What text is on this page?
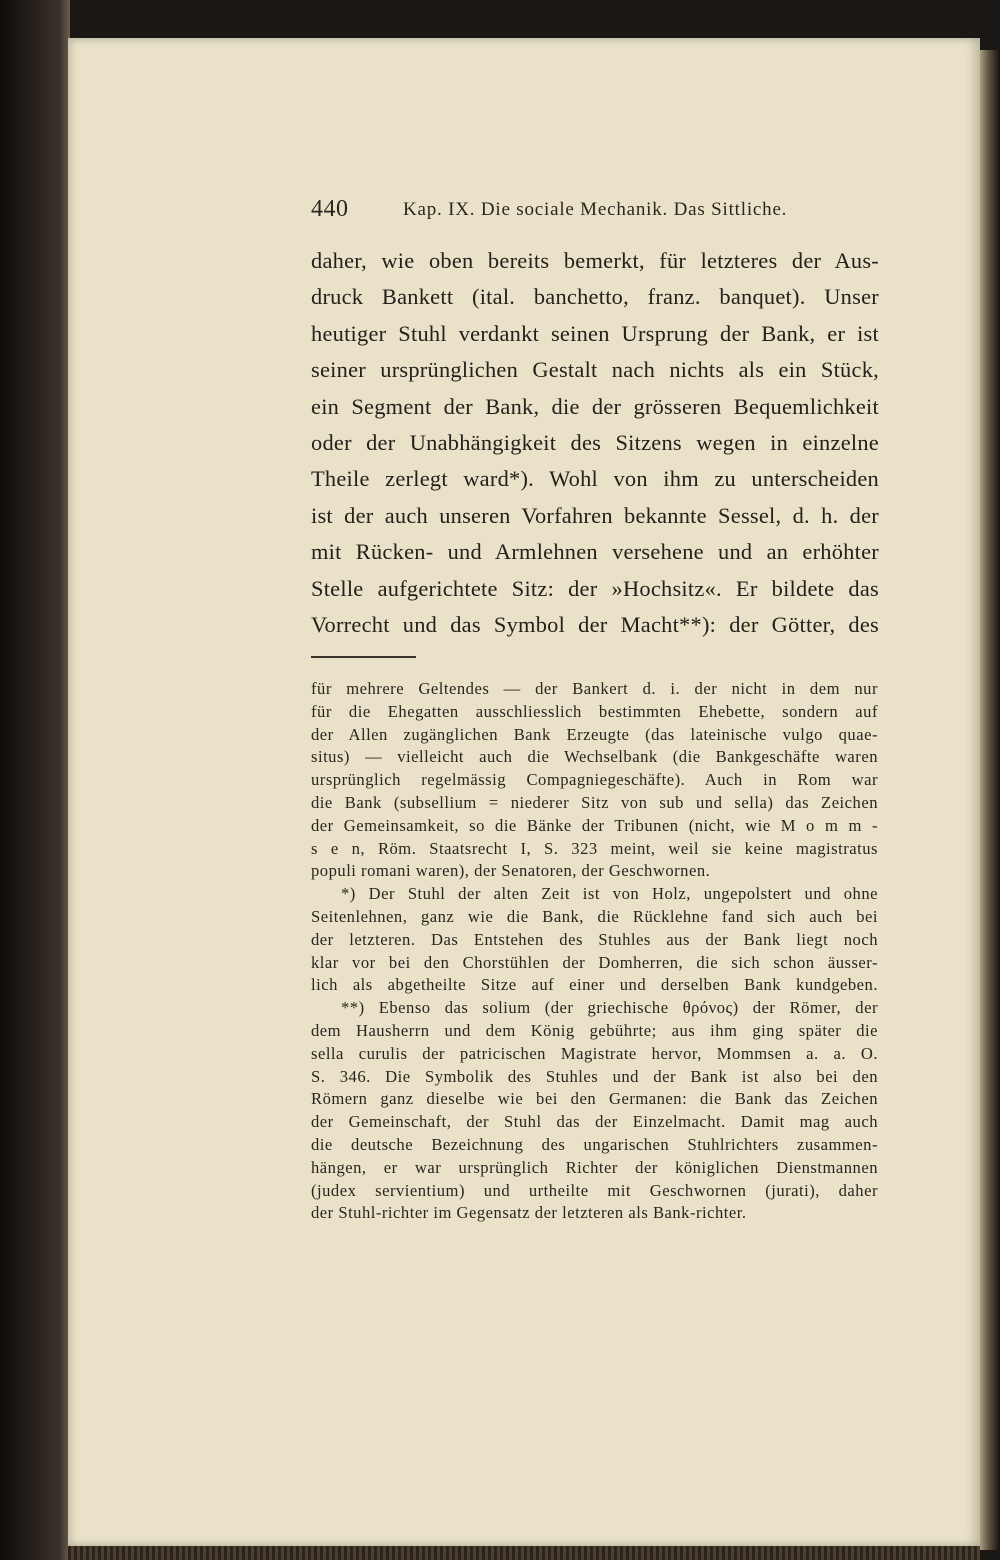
440	Kap. IX. Die sociale Mechanik. Das Sittliche.
daher, wie oben bereits bemerkt, für letzteres der Aus-
druck Bankett (ital. banchetto, franz. banquet). Unser
heutiger Stuhl verdankt seinen Ursprung der Bank, er ist
seiner ursprünglichen Gestalt nach nichts als ein Stück,
ein Segment der Bank, die der grösseren Bequemlichkeit
oder der Unabhängigkeit des Sitzens wegen in einzelne
Theile zerlegt ward*). Wohl von ihm zu unterscheiden
ist der auch unseren Vorfahren bekannte Sessel, d. h. der
mit Rücken- und Armlehnen versehene und an erhöhter
Stelle aufgerichtete Sitz: der »Hochsitz«. Er bildete das
Vorrecht und das Symbol der Macht**): der Götter, des
für mehrere Geltendes — der Bankert d. i. der nicht in dem nur
für die Ehegatten ausschliesslich bestimmten Ehebette, sondern auf
der Allen zugänglichen Bank Erzeugte (das lateinische vulgo quae-
situs) — vielleicht auch die Wechselbank (die Bankgeschäfte waren
ursprünglich regelmässig Compagniegeschäfte). Auch in Rom war
die Bank (subsellium = niederer Sitz von sub und sella) das Zeichen
der Gemeinsamkeit, so die Bänke der Tribunen (nicht, wie M o m m -
s e n, Röm. Staatsrecht I, S. 323 meint, weil sie keine magistratus
populi romani waren), der Senatoren, der Geschwornen.
*) Der Stuhl der alten Zeit ist von Holz, ungepolstert und ohne
Seitenlehnen, ganz wie die Bank, die Rücklehne fand sich auch bei
der letzteren. Das Entstehen des Stuhles aus der Bank liegt noch
klar vor bei den Chorstühlen der Domherren, die sich schon äusser-
lich als abgetheilte Sitze auf einer und derselben Bank kundgeben.
**) Ebenso das solium (der griechische θρόνος) der Römer, der
dem Hausherrn und dem König gebührte; aus ihm ging später die
sella curulis der patricischen Magistrate hervor, Mommsen a. a. O.
S. 346. Die Symbolik des Stuhles und der Bank ist also bei den
Römern ganz dieselbe wie bei den Germanen: die Bank das Zeichen
der Gemeinschaft, der Stuhl das der Einzelmacht. Damit mag auch
die deutsche Bezeichnung des ungarischen Stuhlrichters zusammen-
hängen, er war ursprünglich Richter der königlichen Dienstmannen
(judex servientium) und urtheilte mit Geschwornen (jurati), daher
der Stuhl-richter im Gegensatz der letzteren als Bank-richter.
